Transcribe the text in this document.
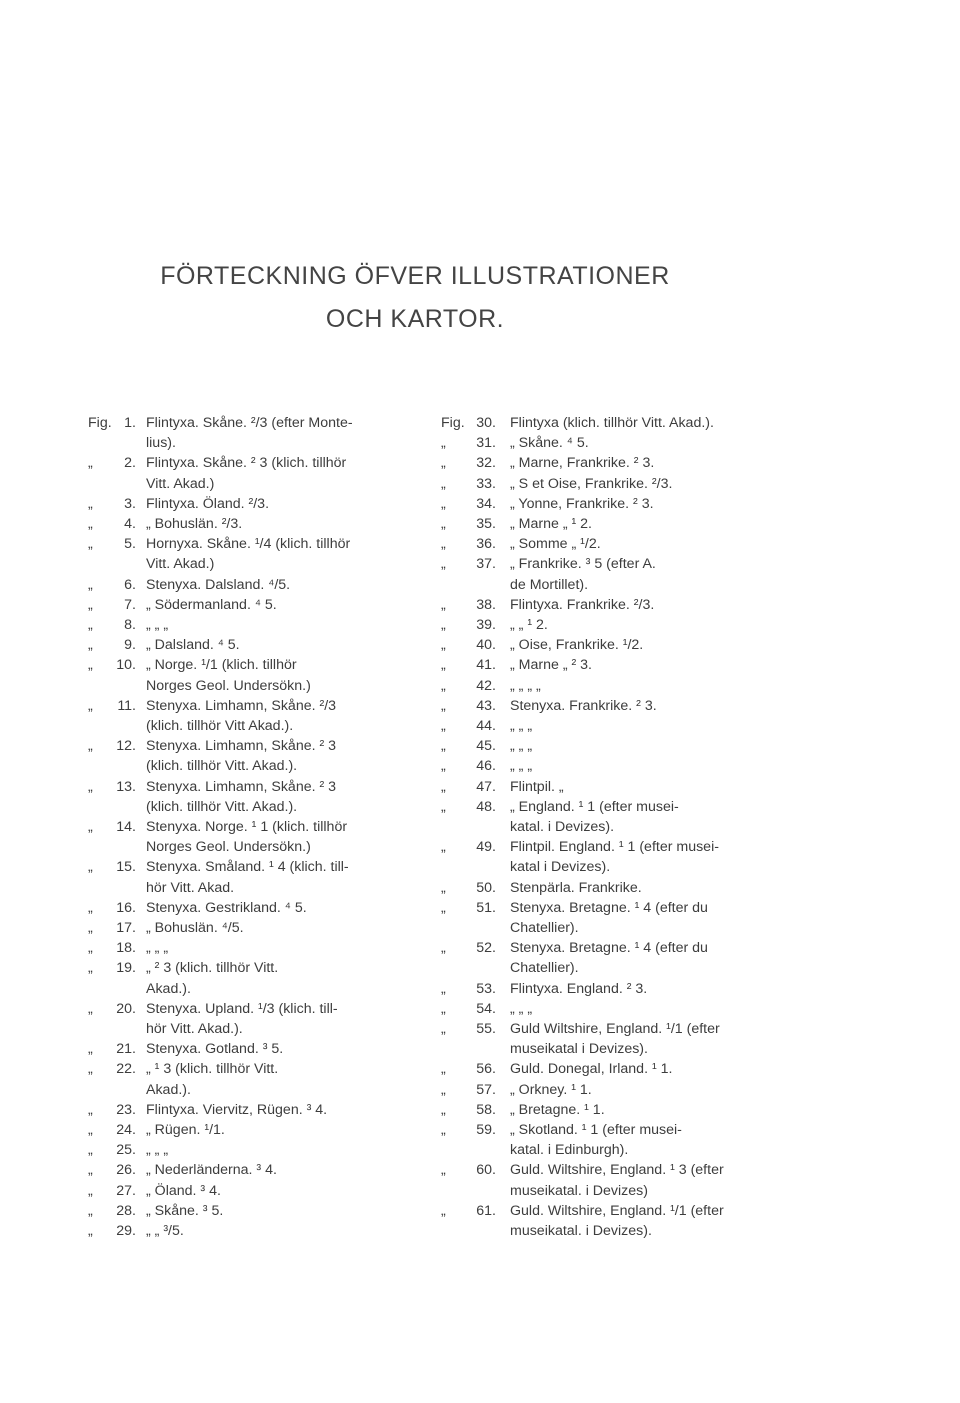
FÖRTECKNING ÖFVER ILLUSTRATIONER
OCH KARTOR.
Fig. 1. Flintyxa. Skåne. ²/3 (efter Monte-
lius).
„	2. Flintyxa. Skåne. ² 3 (klich. tillhör
Vitt. Akad.)
„	3. Flintyxa. Öland. ²/3.
„	4. „ Bohuslän. ²/3.
„	5. Hornyxa. Skåne. ¹/4 (klich. tillhör
Vitt. Akad.)
„	6. Stenyxa. Dalsland. ⁴/5.
„	7. „ Södermanland. ⁴ 5.
„	8. „ „ „
„	9. „ Dalsland. ⁴ 5.
„	10. „ Norge. ¹/1 (klich. tillhör
Norges Geol. Undersökn.)
„	11. Stenyxa. Limhamn, Skåne. ²/3
(klich. tillhör Vitt Akad.).
„	12. Stenyxa. Limhamn, Skåne. ² 3
(klich. tillhör Vitt. Akad.).
„	13. Stenyxa. Limhamn, Skåne. ² 3
(klich. tillhör Vitt. Akad.).
„	14. Stenyxa. Norge. ¹ 1 (klich. tillhör
Norges Geol. Undersökn.)
„	15. Stenyxa. Småland. ¹ 4 (klich. till-
hör Vitt. Akad.
„	16. Stenyxa. Gestrikland. ⁴ 5.
„	17. „ Bohuslän. ⁴/5.
„	18. „ „ „
„	19. „ ² 3 (klich. tillhör Vitt.
Akad.).
„	20. Stenyxa. Upland. ¹/3 (klich. till-
hör Vitt. Akad.).
„	21. Stenyxa. Gotland. ³ 5.
„	22. „ ¹ 3 (klich. tillhör Vitt.
Akad.).
„	23. Flintyxa. Viervitz, Rügen. ³ 4.
„	24. „ Rügen. ¹/1.
„	25. „ „ „
„	26. „ Nederländerna. ³ 4.
„	27. „ Öland. ³ 4.
„	28. „ Skåne. ³ 5.
„	29. „ „ ³/5.
Fig. 30. Flintyxa (klich. tillhör Vitt. Akad.).
„	31. „ Skåne. ⁴ 5.
„	32. „ Marne, Frankrike. ² 3.
„	33. „ S et Oise, Frankrike. ²/3.
„	34. „ Yonne, Frankrike. ² 3.
„	35. „ Marne „ ¹ 2.
„	36. „ Somme „ ¹/2.
„	37. „ Frankrike. ³ 5 (efter A.
de Mortillet).
„	38. Flintyxa. Frankrike. ²/3.
„	39. „ „ ¹ 2.
„	40. „ Oise, Frankrike. ¹/2.
„	41. „ Marne „ ² 3.
„	42. „ „ „ „
„	43. Stenyxa. Frankrike. ² 3.
„	44. „ „ „
„	45. „ „ „
„	46. „ „ „
„	47. Flintpil. „
„	48. „ England. ¹ 1 (efter musei-
katal. i Devizes).
„	49. Flintpil. England. ¹ 1 (efter musei-
katal i Devizes).
„	50. Stenpärla. Frankrike.
„	51. Stenyxa. Bretagne. ¹ 4 (efter du
Chatellier).
„	52. Stenyxa. Bretagne. ¹ 4 (efter du
Chatellier).
„	53. Flintyxa. England. ² 3.
„	54. „ „ „
„	55. Guld Wiltshire, England. ¹/1 (efter
museikatal i Devizes).
„	56. Guld. Donegal, Irland. ¹ 1.
„	57. „ Orkney. ¹ 1.
„	58. „ Bretagne. ¹ 1.
„	59. „ Skotland. ¹ 1 (efter musei-
katal. i Edinburgh).
„	60. Guld. Wiltshire, England. ¹ 3 (efter
museikatal. i Devizes)
„	61. Guld. Wiltshire, England. ¹/1 (efter
museikatal. i Devizes).
